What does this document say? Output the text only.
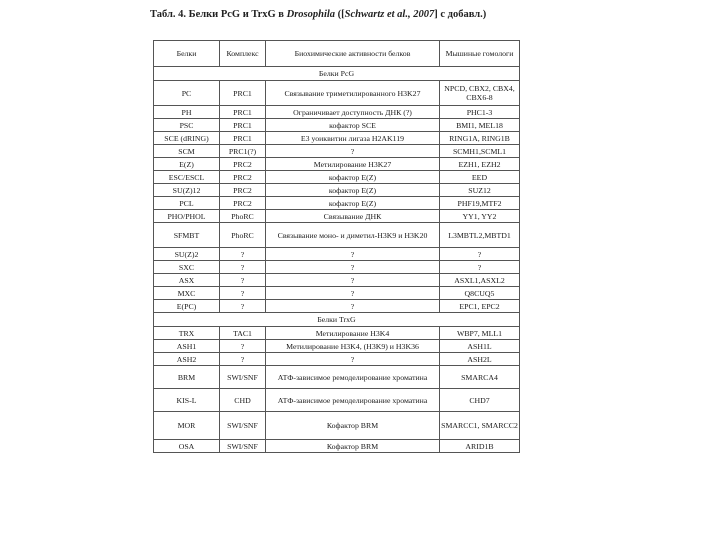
Табл. 4. Белки PcG и TrxG в Drosophila ([Schwartz et al., 2007] с добавл.)
Белки	Комплекс	Биохимические активности белков	Мышиные гомологи
Белки PcG			
PC	PRC1	Связывание триметилированного H3K27	NPCD, CBX2, CBX4, CBX6-8
PH	PRC1	Ограничивает доступность ДНК (?)	PHC1-3
PSC	PRC1	кофактор SCE	BMI1, MEL18
SCE (dRING)	PRC1	E3 уоиквитин лигаза H2AK119	RING1A, RING1B
SCM	PRC1(?)	?	SCMH1,SCML1
E(Z)	PRC2	Метилирование H3K27	EZH1, EZH2
ESC/ESCL	PRC2	кофактор E(Z)	EED
SU(Z)12	PRC2	кофактор E(Z)	SUZ12
PCL	PRC2	кофактор E(Z)	PHF19,MTF2
PHO/PHOL	PhoRC	Связывание ДНК	YY1, YY2
SFMBT	PhoRC	Связывание моно- и диметил-H3K9 и H3K20	L3MBTL2,MBTD1
SU(Z)2	?	?	?
SXC	?	?	?
ASX	?	?	ASXL1,ASXL2
MXC	?	?	Q8CUQ5
E(PC)	?	?	EPC1, EPC2
Белки TrxG			
TRX	TAC1	Метилирование H3K4	WBP7, MLL1
ASH1	?	Метилирование H3K4, (H3K9) и H3K36	ASH1L
ASH2	?	?	ASH2L
BRM	SWI/SNF	АТФ-зависимое ремоделирование хроматина	SMARCA4
KIS-L	CHD	АТФ-зависимое ремоделирование хроматина	CHD7
MOR	SWI/SNF	Кофактор BRM	SMARCC1, SMARCC2
OSA	SWI/SNF	Кофактор BRM	ARID1B
